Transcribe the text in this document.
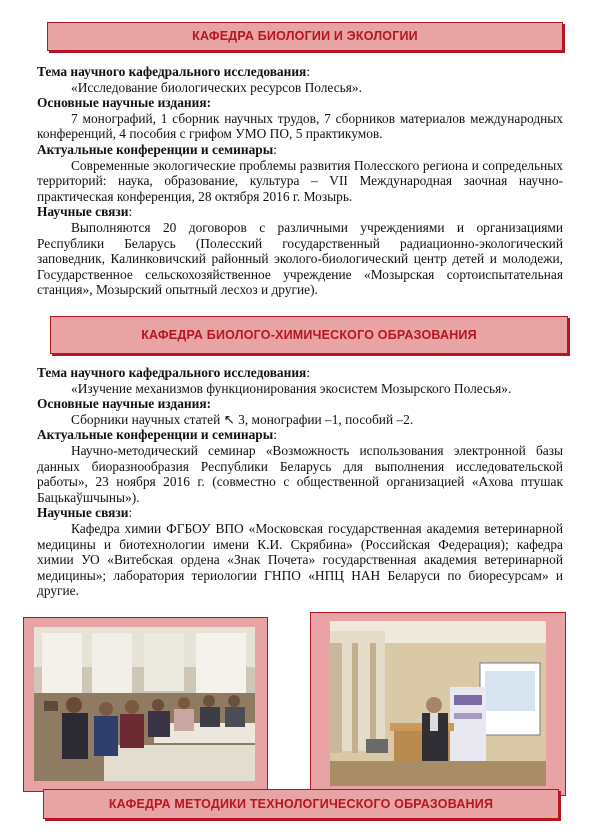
КАФЕДРА БИОЛОГИИ И ЭКОЛОГИИ
Тема научного кафедрального исследования:
«Исследование биологических ресурсов Полесья».
Основные научные издания:
7 монографий, 1 сборник научных трудов, 7 сборников материалов международных конференций, 4 пособия с грифом УМО ПО, 5 практикумов.
Актуальные конференции и семинары:
Современные экологические проблемы развития Полесского региона и сопредельных территорий: наука, образование, культура – VII Международная заочная научно-практическая конференция, 28 октября 2016 г. Мозырь.
Научные связи:
Выполняются 20 договоров с различными учреждениями и организациями Республики Беларусь (Полесский государственный радиационно-экологический заповедник, Калинковичский районный эколого-биологический центр детей и молодежи, Государственное сельскохозяйственное учреждение «Мозырская сортоиспытательная станция», Мозырский опытный лесхоз и другие).
КАФЕДРА БИОЛОГО-ХИМИЧЕСКОГО ОБРАЗОВАНИЯ
Тема научного кафедрального исследования:
«Изучение механизмов функционирования экосистем Мозырского Полесья».
Основные научные издания:
Сборники научных статей ↖ 3, монографии –1, пособий –2.
Актуальные конференции и семинары:
Научно-методический семинар «Возможность использования электронной базы данных биоразнообразия Республики Беларусь для выполнения исследовательской работы», 23 ноября 2016 г. (совместно с общественной организацией «Ахова птушак Бацькаўшчыны»).
Научные связи:
Кафедра химии ФГБОУ ВПО «Московская государственная академия ветеринарной медицины и биотехнологии имени К.И. Скрябина» (Российская Федерация); кафедра химии УО «Витебская ордена «Знак Почета» государственная академия ветеринарной медицины»; лаборатория териологии ГНПО «НПЦ НАН Беларуси по биоресурсам» и другие.
КАФЕДРА МЕТОДИКИ ТЕХНОЛОГИЧЕСКОГО ОБРАЗОВАНИЯ
